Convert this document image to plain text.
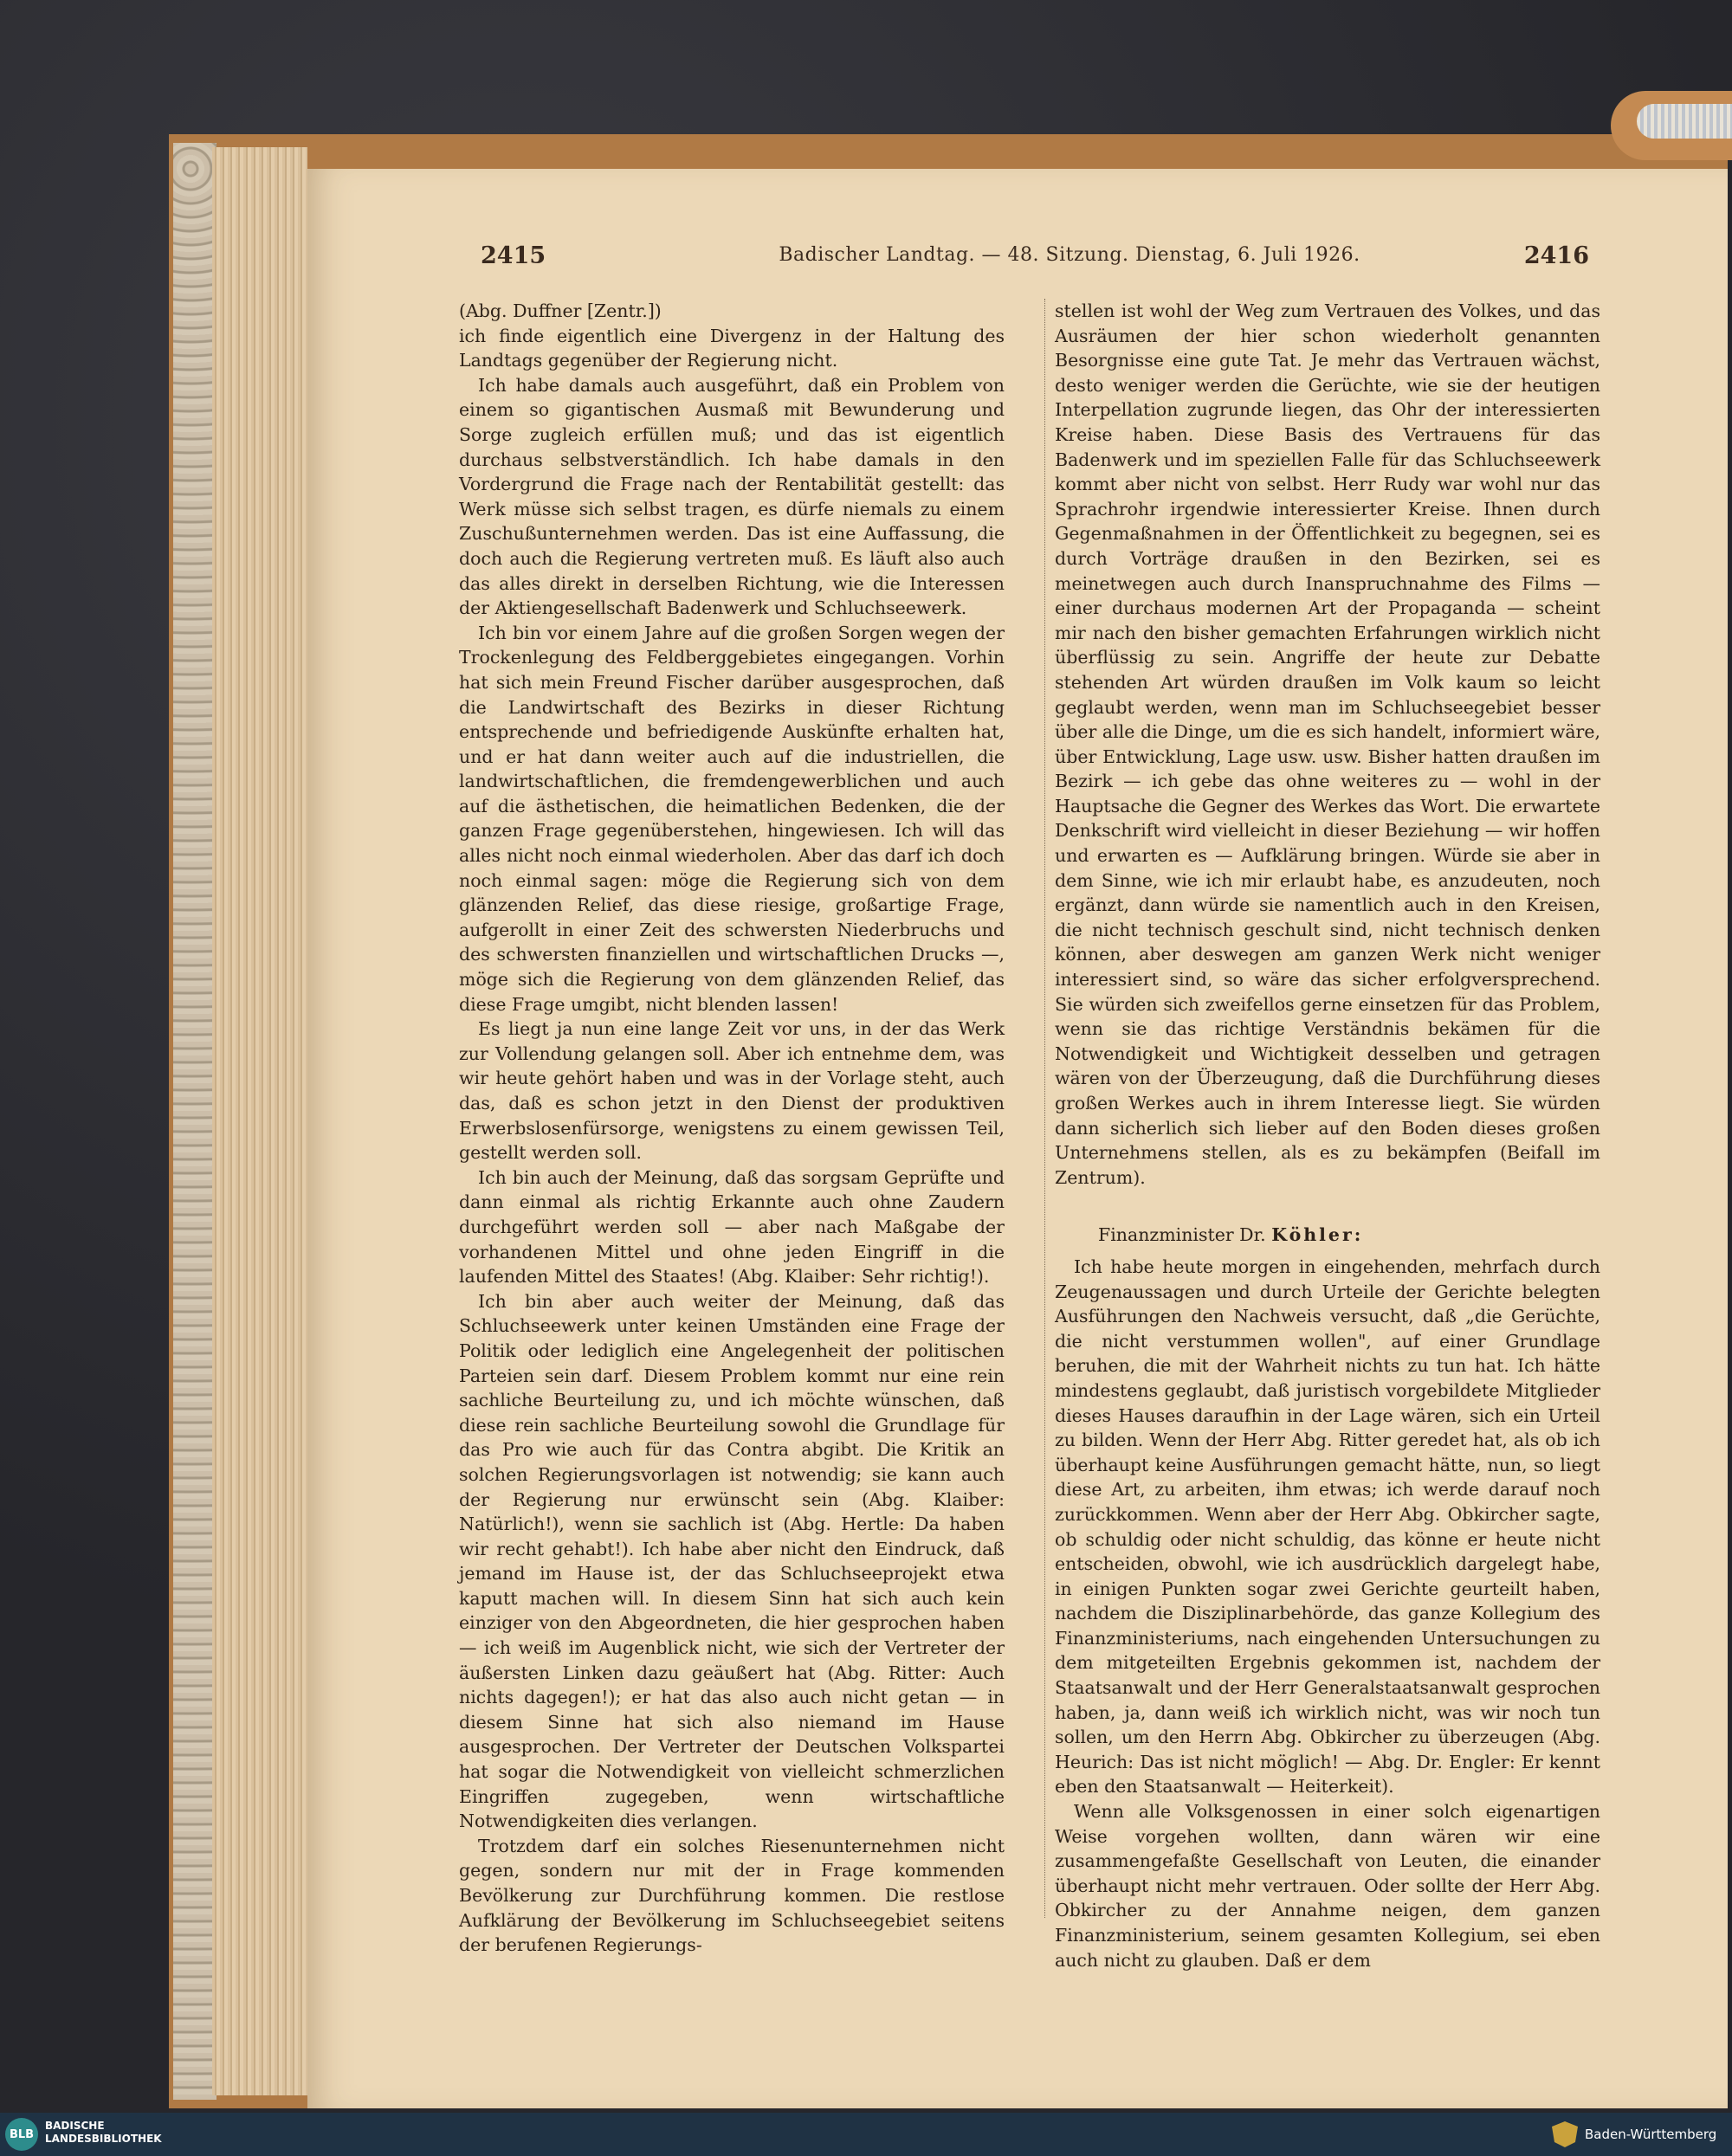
2415	Badischer Landtag. — 48. Sitzung. Dienstag, 6. Juli 1926.	2416

(Abg. Duffner [Zentr.])

ich finde eigentlich eine Divergenz in der Haltung des Landtags gegenüber der Regierung nicht.

Ich habe damals auch ausgeführt, daß ein Problem von einem so gigantischen Ausmaß mit Bewunderung und Sorge zugleich erfüllen muß; und das ist eigentlich durchaus selbstverständlich. Ich habe damals in den Vordergrund die Frage nach der Rentabilität gestellt: das Werk müsse sich selbst tragen, es dürfe niemals zu einem Zuschußunternehmen werden. Das ist eine Auffassung, die doch auch die Regierung vertreten muß. Es läuft also auch das alles direkt in derselben Richtung, wie die Interessen der Aktiengesellschaft Badenwerk und Schluchseewerk.

Ich bin vor einem Jahre auf die großen Sorgen wegen der Trockenlegung des Feldberggebietes eingegangen. Vorhin hat sich mein Freund Fischer darüber ausgesprochen, daß die Landwirtschaft des Bezirks in dieser Richtung entsprechende und befriedigende Auskünfte erhalten hat, und er hat dann weiter auch auf die industriellen, die landwirtschaftlichen, die fremdengewerblichen und auch auf die ästhetischen, die heimatlichen Bedenken, die der ganzen Frage gegenüberstehen, hingewiesen. Ich will das alles nicht noch einmal wiederholen. Aber das darf ich doch noch einmal sagen: möge die Regierung sich von dem glänzenden Relief, das diese riesige, großartige Frage, aufgerollt in einer Zeit des schwersten Niederbruchs und des schwersten finanziellen und wirtschaftlichen Drucks —, möge sich die Regierung von dem glänzenden Relief, das diese Frage umgibt, nicht blenden lassen!

Es liegt ja nun eine lange Zeit vor uns, in der das Werk zur Vollendung gelangen soll. Aber ich entnehme dem, was wir heute gehört haben und was in der Vorlage steht, auch das, daß es schon jetzt in den Dienst der produktiven Erwerbslosenfürsorge, wenigstens zu einem gewissen Teil, gestellt werden soll.

Ich bin auch der Meinung, daß das sorgsam Geprüfte und dann einmal als richtig Erkannte auch ohne Zaudern durchgeführt werden soll — aber nach Maßgabe der vorhandenen Mittel und ohne jeden Eingriff in die laufenden Mittel des Staates! (Abg. Klaiber: Sehr richtig!).

Ich bin aber auch weiter der Meinung, daß das Schluchseewerk unter keinen Umständen eine Frage der Politik oder lediglich eine Angelegenheit der politischen Parteien sein darf. Diesem Problem kommt nur eine rein sachliche Beurteilung zu, und ich möchte wünschen, daß diese rein sachliche Beurteilung sowohl die Grundlage für das Pro wie auch für das Contra abgibt. Die Kritik an solchen Regierungsvorlagen ist notwendig; sie kann auch der Regierung nur erwünscht sein (Abg. Klaiber: Natürlich!), wenn sie sachlich ist (Abg. Hertle: Da haben wir recht gehabt!). Ich habe aber nicht den Eindruck, daß jemand im Hause ist, der das Schluchseeprojekt etwa kaputt machen will. In diesem Sinn hat sich auch kein einziger von den Abgeordneten, die hier gesprochen haben — ich weiß im Augenblick nicht, wie sich der Vertreter der äußersten Linken dazu geäußert hat (Abg. Ritter: Auch nichts dagegen!); er hat das also auch nicht getan — in diesem Sinne hat sich also niemand im Hause ausgesprochen. Der Vertreter der Deutschen Volkspartei hat sogar die Notwendigkeit von vielleicht schmerzlichen Eingriffen zugegeben, wenn wirtschaftliche Notwendigkeiten dies verlangen.

Trotzdem darf ein solches Riesenunternehmen nicht gegen, sondern nur mit der in Frage kommenden Bevölkerung zur Durchführung kommen. Die restlose Aufklärung der Bevölkerung im Schluchseegebiet seitens der berufenen Regierungs-

stellen ist wohl der Weg zum Vertrauen des Volkes, und das Ausräumen der hier schon wiederholt genannten Besorgnisse eine gute Tat. Je mehr das Vertrauen wächst, desto weniger werden die Gerüchte, wie sie der heutigen Interpellation zugrunde liegen, das Ohr der interessierten Kreise haben. Diese Basis des Vertrauens für das Badenwerk und im speziellen Falle für das Schluchseewerk kommt aber nicht von selbst. Herr Rudy war wohl nur das Sprachrohr irgendwie interessierter Kreise. Ihnen durch Gegenmaßnahmen in der Öffentlichkeit zu begegnen, sei es durch Vorträge draußen in den Bezirken, sei es meinetwegen auch durch Inanspruchnahme des Films — einer durchaus modernen Art der Propaganda — scheint mir nach den bisher gemachten Erfahrungen wirklich nicht überflüssig zu sein. Angriffe der heute zur Debatte stehenden Art würden draußen im Volk kaum so leicht geglaubt werden, wenn man im Schluchseegebiet besser über alle die Dinge, um die es sich handelt, informiert wäre, über Entwicklung, Lage usw. usw. Bisher hatten draußen im Bezirk — ich gebe das ohne weiteres zu — wohl in der Hauptsache die Gegner des Werkes das Wort. Die erwartete Denkschrift wird vielleicht in dieser Beziehung — wir hoffen und erwarten es — Aufklärung bringen. Würde sie aber in dem Sinne, wie ich mir erlaubt habe, es anzudeuten, noch ergänzt, dann würde sie namentlich auch in den Kreisen, die nicht technisch geschult sind, nicht technisch denken können, aber deswegen am ganzen Werk nicht weniger interessiert sind, so wäre das sicher erfolgversprechend. Sie würden sich zweifellos gerne einsetzen für das Problem, wenn sie das richtige Verständnis bekämen für die Notwendigkeit und Wichtigkeit desselben und getragen wären von der Überzeugung, daß die Durchführung dieses großen Werkes auch in ihrem Interesse liegt. Sie würden dann sicherlich sich lieber auf den Boden dieses großen Unternehmens stellen, als es zu bekämpfen (Beifall im Zentrum).

Finanzminister Dr. Köhler:

Ich habe heute morgen in eingehenden, mehrfach durch Zeugenaussagen und durch Urteile der Gerichte belegten Ausführungen den Nachweis versucht, daß „die Gerüchte, die nicht verstummen wollen", auf einer Grundlage beruhen, die mit der Wahrheit nichts zu tun hat. Ich hätte mindestens geglaubt, daß juristisch vorgebildete Mitglieder dieses Hauses daraufhin in der Lage wären, sich ein Urteil zu bilden. Wenn der Herr Abg. Ritter geredet hat, als ob ich überhaupt keine Ausführungen gemacht hätte, nun, so liegt diese Art, zu arbeiten, ihm etwas; ich werde darauf noch zurückkommen. Wenn aber der Herr Abg. Obkircher sagte, ob schuldig oder nicht schuldig, das könne er heute nicht entscheiden, obwohl, wie ich ausdrücklich dargelegt habe, in einigen Punkten sogar zwei Gerichte geurteilt haben, nachdem die Disziplinarbehörde, das ganze Kollegium des Finanzministeriums, nach eingehenden Untersuchungen zu dem mitgeteilten Ergebnis gekommen ist, nachdem der Staatsanwalt und der Herr Generalstaatsanwalt gesprochen haben, ja, dann weiß ich wirklich nicht, was wir noch tun sollen, um den Herrn Abg. Obkircher zu überzeugen (Abg. Heurich: Das ist nicht möglich! — Abg. Dr. Engler: Er kennt eben den Staatsanwalt — Heiterkeit).

Wenn alle Volksgenossen in einer solch eigenartigen Weise vorgehen wollten, dann wären wir eine zusammengefaßte Gesellschaft von Leuten, die einander überhaupt nicht mehr vertrauen. Oder sollte der Herr Abg. Obkircher zu der Annahme neigen, dem ganzen Finanzministerium, seinem gesamten Kollegium, sei eben auch nicht zu glauben. Daß er dem

BLB
BADISCHE
LANDESBIBLIOTHEK	Baden-Württemberg
